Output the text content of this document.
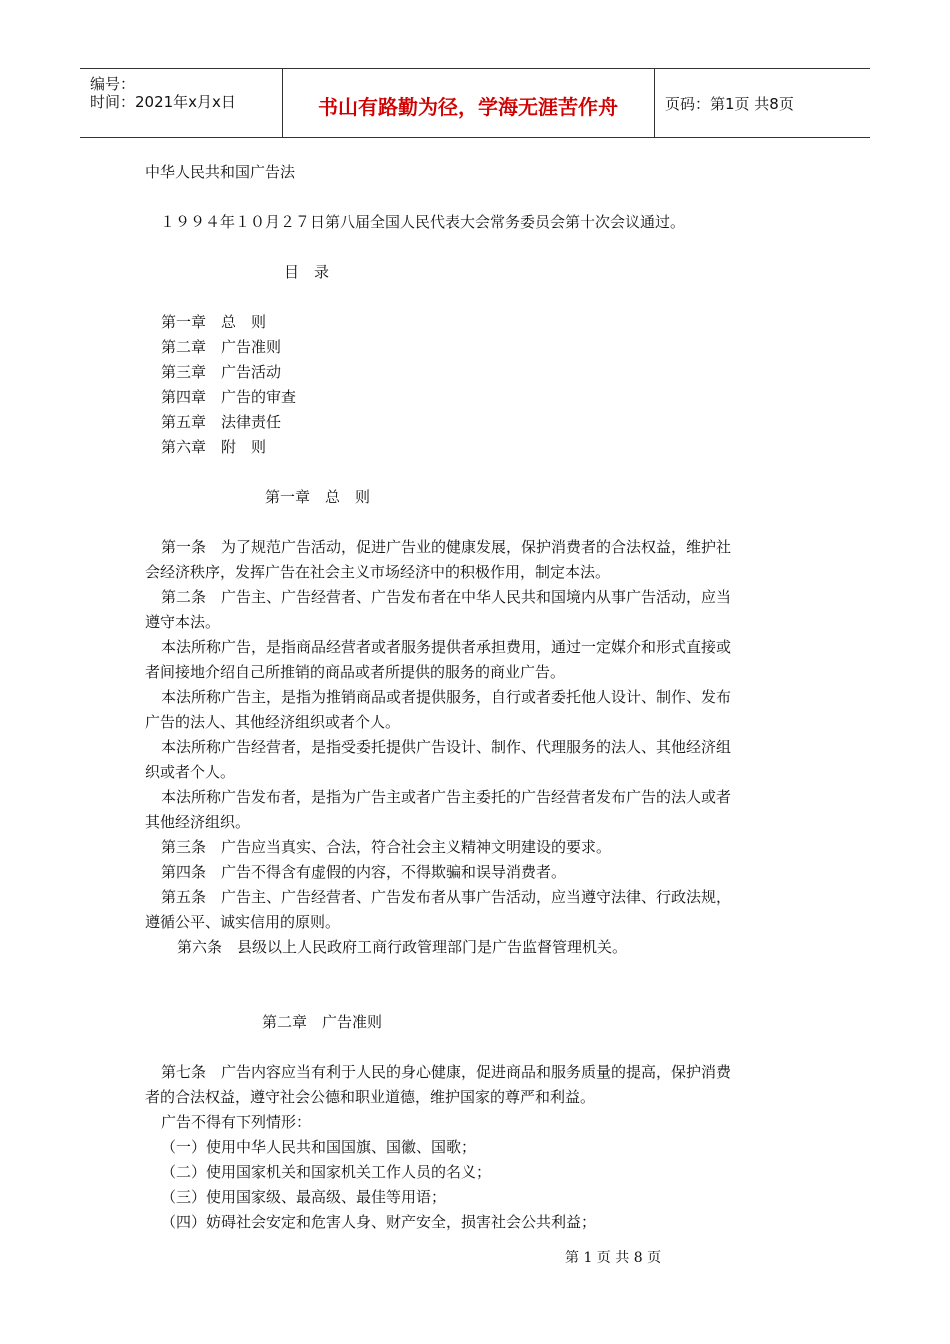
编号：
时间：2021年x月x日	书山有路勤为径，学海无涯苦作舟	页码：第1页 共8页
中华人民共和国广告法
１９９４年１０月２７日第八届全国人民代表大会常务委员会第十次会议通过。
目　录
第一章　总　则
第二章　广告准则
第三章　广告活动
第四章　广告的审查
第五章　法律责任
第六章　附　则
第一章　总　则
第一条　为了规范广告活动，促进广告业的健康发展，保护消费者的合法权益，维护社
会经济秩序，发挥广告在社会主义市场经济中的积极作用，制定本法。
第二条　广告主、广告经营者、广告发布者在中华人民共和国境内从事广告活动，应当
遵守本法。
本法所称广告，是指商品经营者或者服务提供者承担费用，通过一定媒介和形式直接或
者间接地介绍自己所推销的商品或者所提供的服务的商业广告。
本法所称广告主，是指为推销商品或者提供服务，自行或者委托他人设计、制作、发布
广告的法人、其他经济组织或者个人。
本法所称广告经营者，是指受委托提供广告设计、制作、代理服务的法人、其他经济组
织或者个人。
本法所称广告发布者，是指为广告主或者广告主委托的广告经营者发布广告的法人或者
其他经济组织。
第三条　广告应当真实、合法，符合社会主义精神文明建设的要求。
第四条　广告不得含有虚假的内容，不得欺骗和误导消费者。
第五条　广告主、广告经营者、广告发布者从事广告活动，应当遵守法律、行政法规，
遵循公平、诚实信用的原则。
第六条　县级以上人民政府工商行政管理部门是广告监督管理机关。
第二章　广告准则
第七条　广告内容应当有利于人民的身心健康，促进商品和服务质量的提高，保护消费
者的合法权益，遵守社会公德和职业道德，维护国家的尊严和利益。
广告不得有下列情形：
（一）使用中华人民共和国国旗、国徽、国歌；
（二）使用国家机关和国家机关工作人员的名义；
（三）使用国家级、最高级、最佳等用语；
（四）妨碍社会安定和危害人身、财产安全，损害社会公共利益；
第 1 页 共 8 页
